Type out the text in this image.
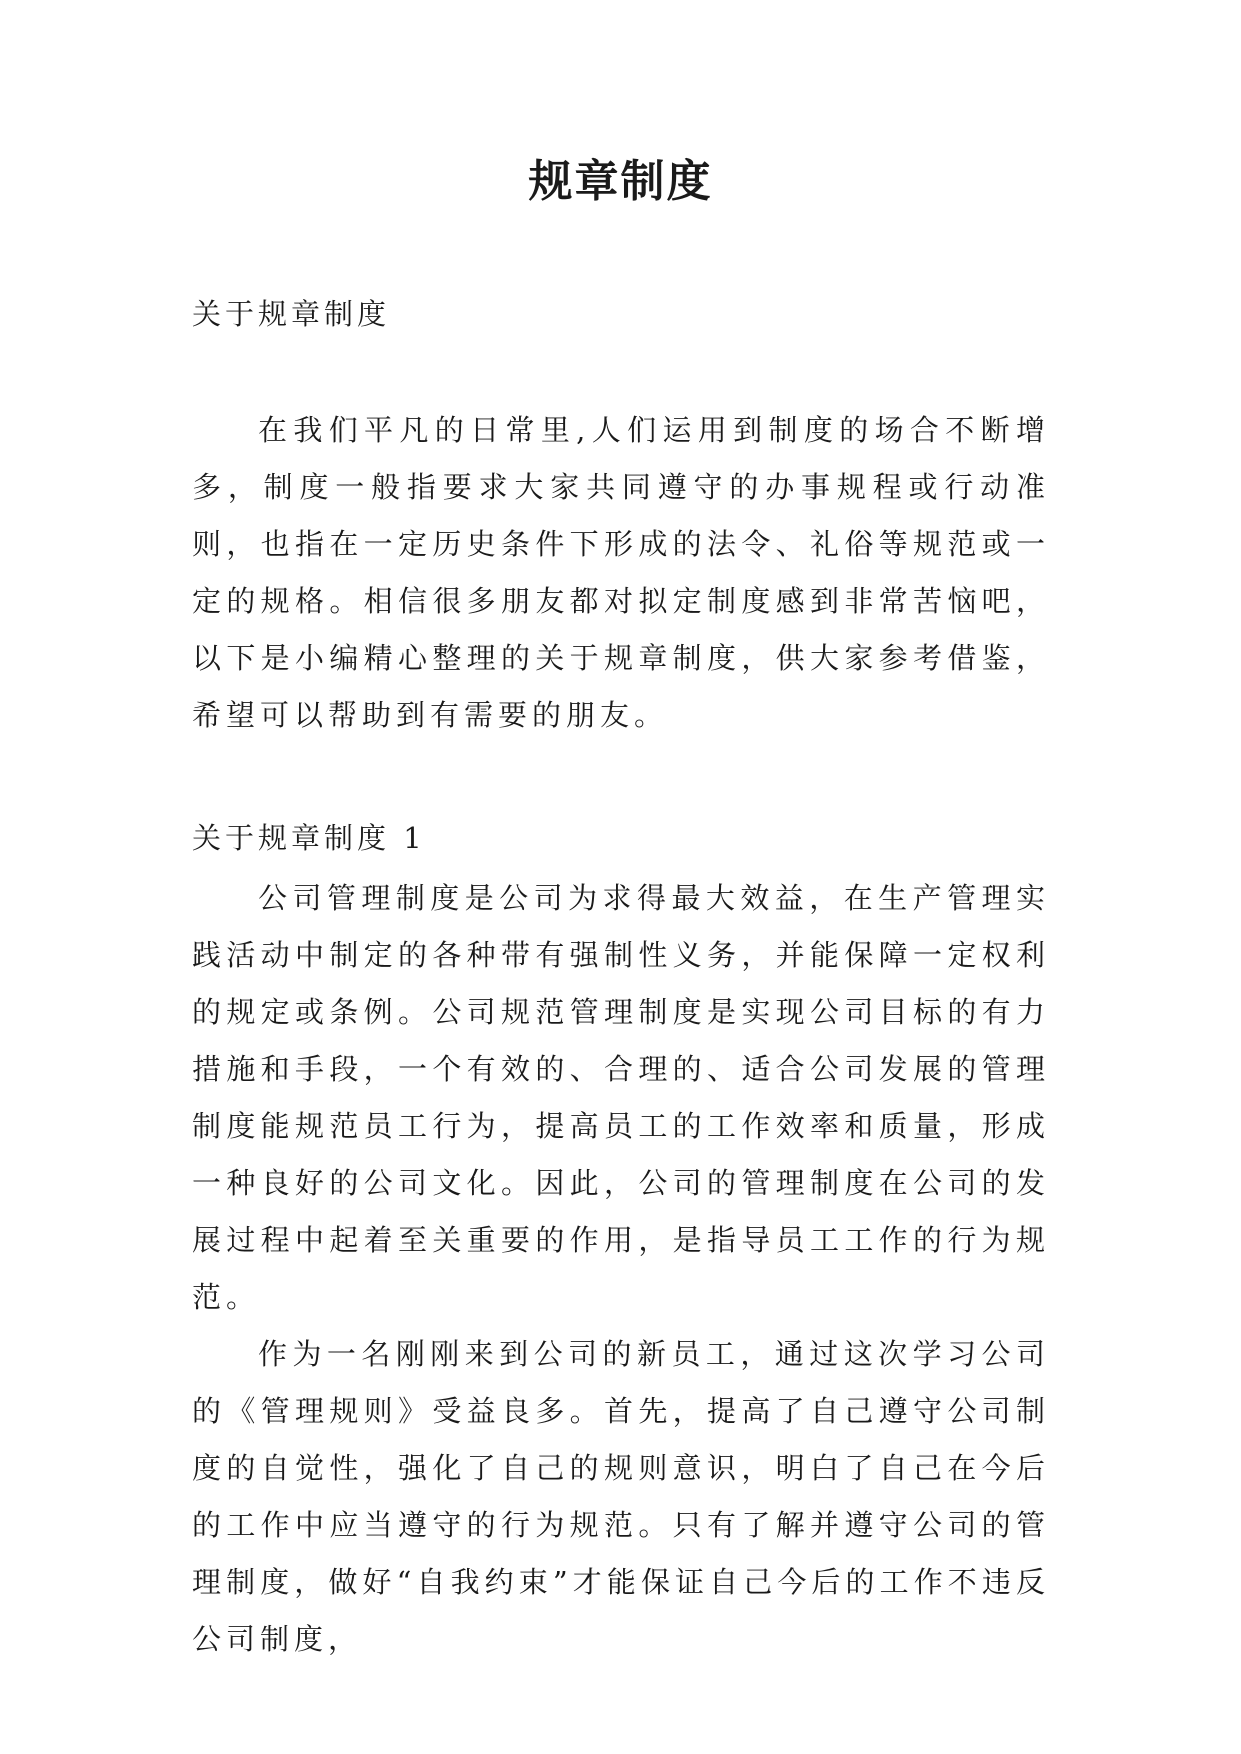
规章制度
关于规章制度

在我们平凡的日常里,人们运用到制度的场合不断增多，制度一般指要求大家共同遵守的办事规程或行动准则，也指在一定历史条件下形成的法令、礼俗等规范或一定的规格。相信很多朋友都对拟定制度感到非常苦恼吧，以下是小编精心整理的关于规章制度，供大家参考借鉴，希望可以帮助到有需要的朋友。

关于规章制度 1

公司管理制度是公司为求得最大效益，在生产管理实践活动中制定的各种带有强制性义务，并能保障一定权利的规定或条例。公司规范管理制度是实现公司目标的有力措施和手段，一个有效的、合理的、适合公司发展的管理制度能规范员工行为，提高员工的工作效率和质量，形成一种良好的公司文化。因此，公司的管理制度在公司的发展过程中起着至关重要的作用，是指导员工工作的行为规范。

作为一名刚刚来到公司的新员工，通过这次学习公司的《管理规则》受益良多。首先，提高了自己遵守公司制度的自觉性，强化了自己的规则意识，明白了自己在今后的工作中应当遵守的行为规范。只有了解并遵守公司的管理制度，做好“自我约束”才能保证自己今后的工作不违反公司制度，
